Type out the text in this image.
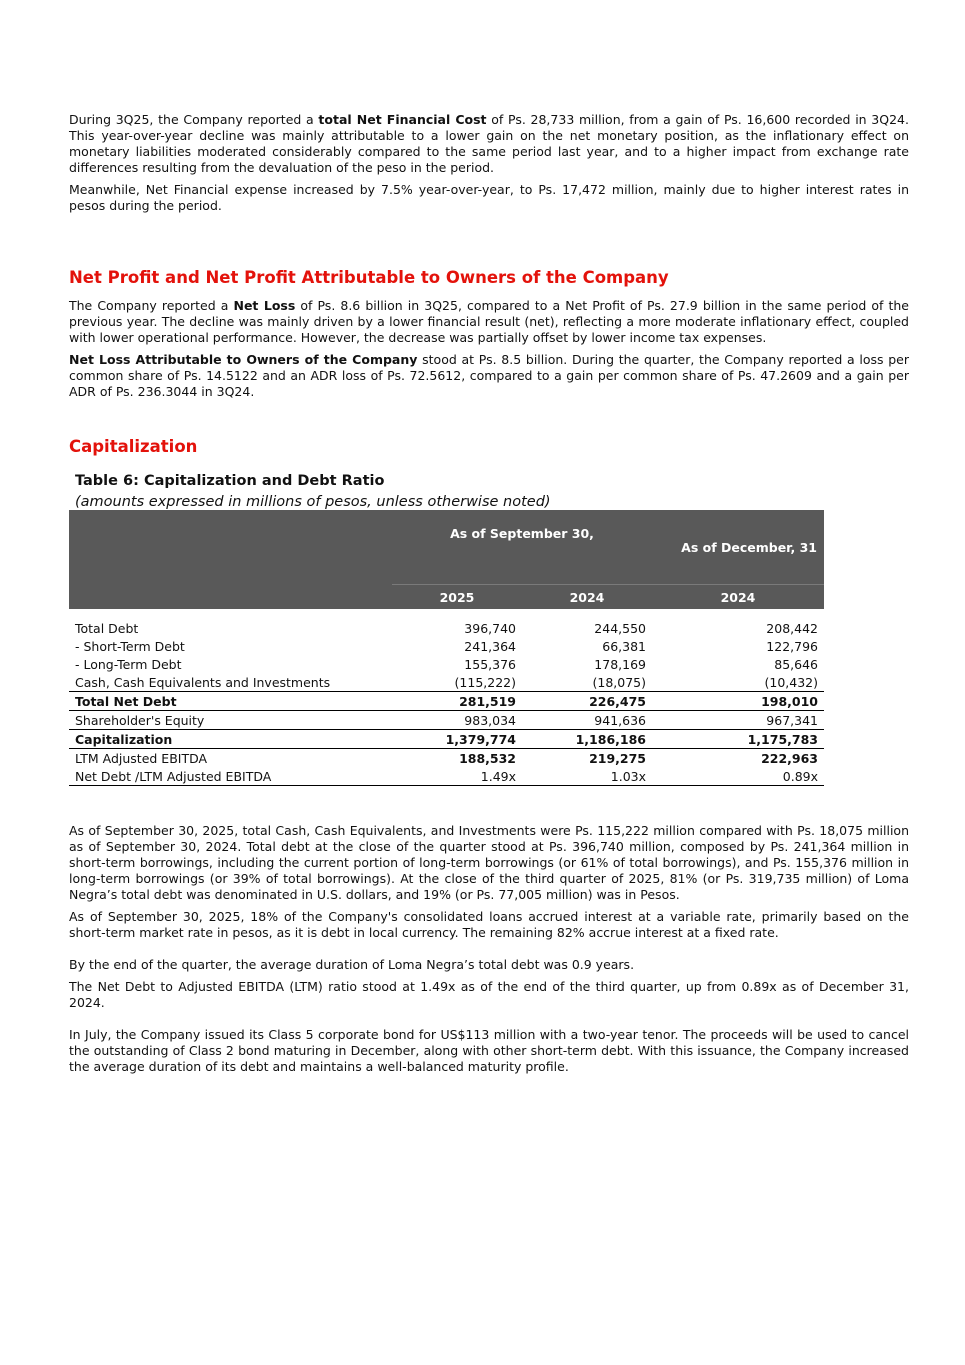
During 3Q25, the Company reported a total Net Financial Cost of Ps. 28,733 million, from a gain of Ps. 16,600 recorded in 3Q24. This year-over-year decline was mainly attributable to a lower gain on the net monetary position, as the inflationary effect on monetary liabilities moderated considerably compared to the same period last year, and to a higher impact from exchange rate differences resulting from the devaluation of the peso in the period.

Meanwhile, Net Financial expense increased by 7.5% year-over-year, to Ps. 17,472 million, mainly due to higher interest rates in pesos during the period.

Net Profit and Net Profit Attributable to Owners of the Company

The Company reported a Net Loss of Ps. 8.6 billion in 3Q25, compared to a Net Profit of Ps. 27.9 billion in the same period of the previous year. The decline was mainly driven by a lower financial result (net), reflecting a more moderate inflationary effect, coupled with lower operational performance. However, the decrease was partially offset by lower income tax expenses.

Net Loss Attributable to Owners of the Company stood at Ps. 8.5 billion. During the quarter, the Company reported a loss per common share of Ps. 14.5122 and an ADR loss of Ps. 72.5612, compared to a gain per common share of Ps. 47.2609 and a gain per ADR of Ps. 236.3044 in 3Q24.

Capitalization
Table 6: Capitalization and Debt Ratio
(amounts expressed in millions of pesos, unless otherwise noted)
	As of September 30,		As of December, 31
	2025	2024	2024

Total Debt	396,740	244,550	208,442
- Short-Term Debt	241,364	66,381	122,796
- Long-Term Debt	155,376	178,169	85,646
Cash, Cash Equivalents and Investments	(115,222)	(18,075)	(10,432)
Total Net Debt	281,519	226,475	198,010
Shareholder's Equity	983,034	941,636	967,341
Capitalization	1,379,774	1,186,186	1,175,783
LTM Adjusted EBITDA	188,532	219,275	222,963
Net Debt /LTM Adjusted EBITDA	1.49x	1.03x	0.89x

As of September 30, 2025, total Cash, Cash Equivalents, and Investments were Ps. 115,222 million compared with Ps. 18,075 million as of September 30, 2024. Total debt at the close of the quarter stood at Ps. 396,740 million, composed by Ps. 241,364 million in short-term borrowings, including the current portion of long-term borrowings (or 61% of total borrowings), and Ps. 155,376 million in long-term borrowings (or 39% of total borrowings). At the close of the third quarter of 2025, 81% (or Ps. 319,735 million) of Loma Negra’s total debt was denominated in U.S. dollars, and 19% (or Ps. 77,005 million) was in Pesos.

As of September 30, 2025, 18% of the Company's consolidated loans accrued interest at a variable rate, primarily based on the short-term market rate in pesos, as it is debt in local currency. The remaining 82% accrue interest at a fixed rate.

By the end of the quarter, the average duration of Loma Negra’s total debt was 0.9 years.

The Net Debt to Adjusted EBITDA (LTM) ratio stood at 1.49x as of the end of the third quarter, up from 0.89x as of December 31, 2024.

In July, the Company issued its Class 5 corporate bond for US$113 million with a two-year tenor. The proceeds will be used to cancel the outstanding of Class 2 bond maturing in December, along with other short-term debt. With this issuance, the Company increased the average duration of its debt and maintains a well-balanced maturity profile.
